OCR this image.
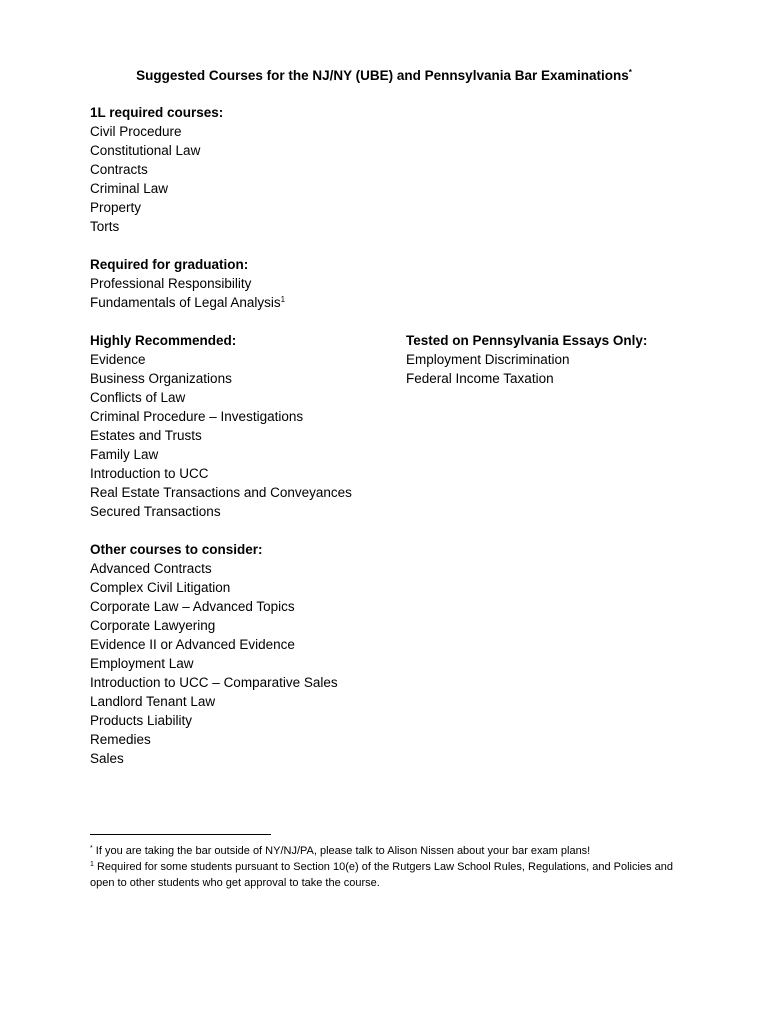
Suggested Courses for the NJ/NY (UBE) and Pennsylvania Bar Examinations*
1L required courses:
Civil Procedure
Constitutional Law
Contracts
Criminal Law
Property
Torts
Required for graduation:
Professional Responsibility
Fundamentals of Legal Analysis$^1$
Highly Recommended:
Evidence
Business Organizations
Conflicts of Law
Criminal Procedure – Investigations
Estates and Trusts
Family Law
Introduction to UCC
Real Estate Transactions and Conveyances
Secured Transactions
Tested on Pennsylvania Essays Only:
Employment Discrimination
Federal Income Taxation
Other courses to consider:
Advanced Contracts
Complex Civil Litigation
Corporate Law – Advanced Topics
Corporate Lawyering
Evidence II or Advanced Evidence
Employment Law
Introduction to UCC – Comparative Sales
Landlord Tenant Law
Products Liability
Remedies
Sales

* If you are taking the bar outside of NY/NJ/PA, please talk to Alison Nissen about your bar exam plans!

$^1$ Required for some students pursuant to Section 10(e) of the Rutgers Law School Rules, Regulations, and Policies and open to other students who get approval to take the course.
